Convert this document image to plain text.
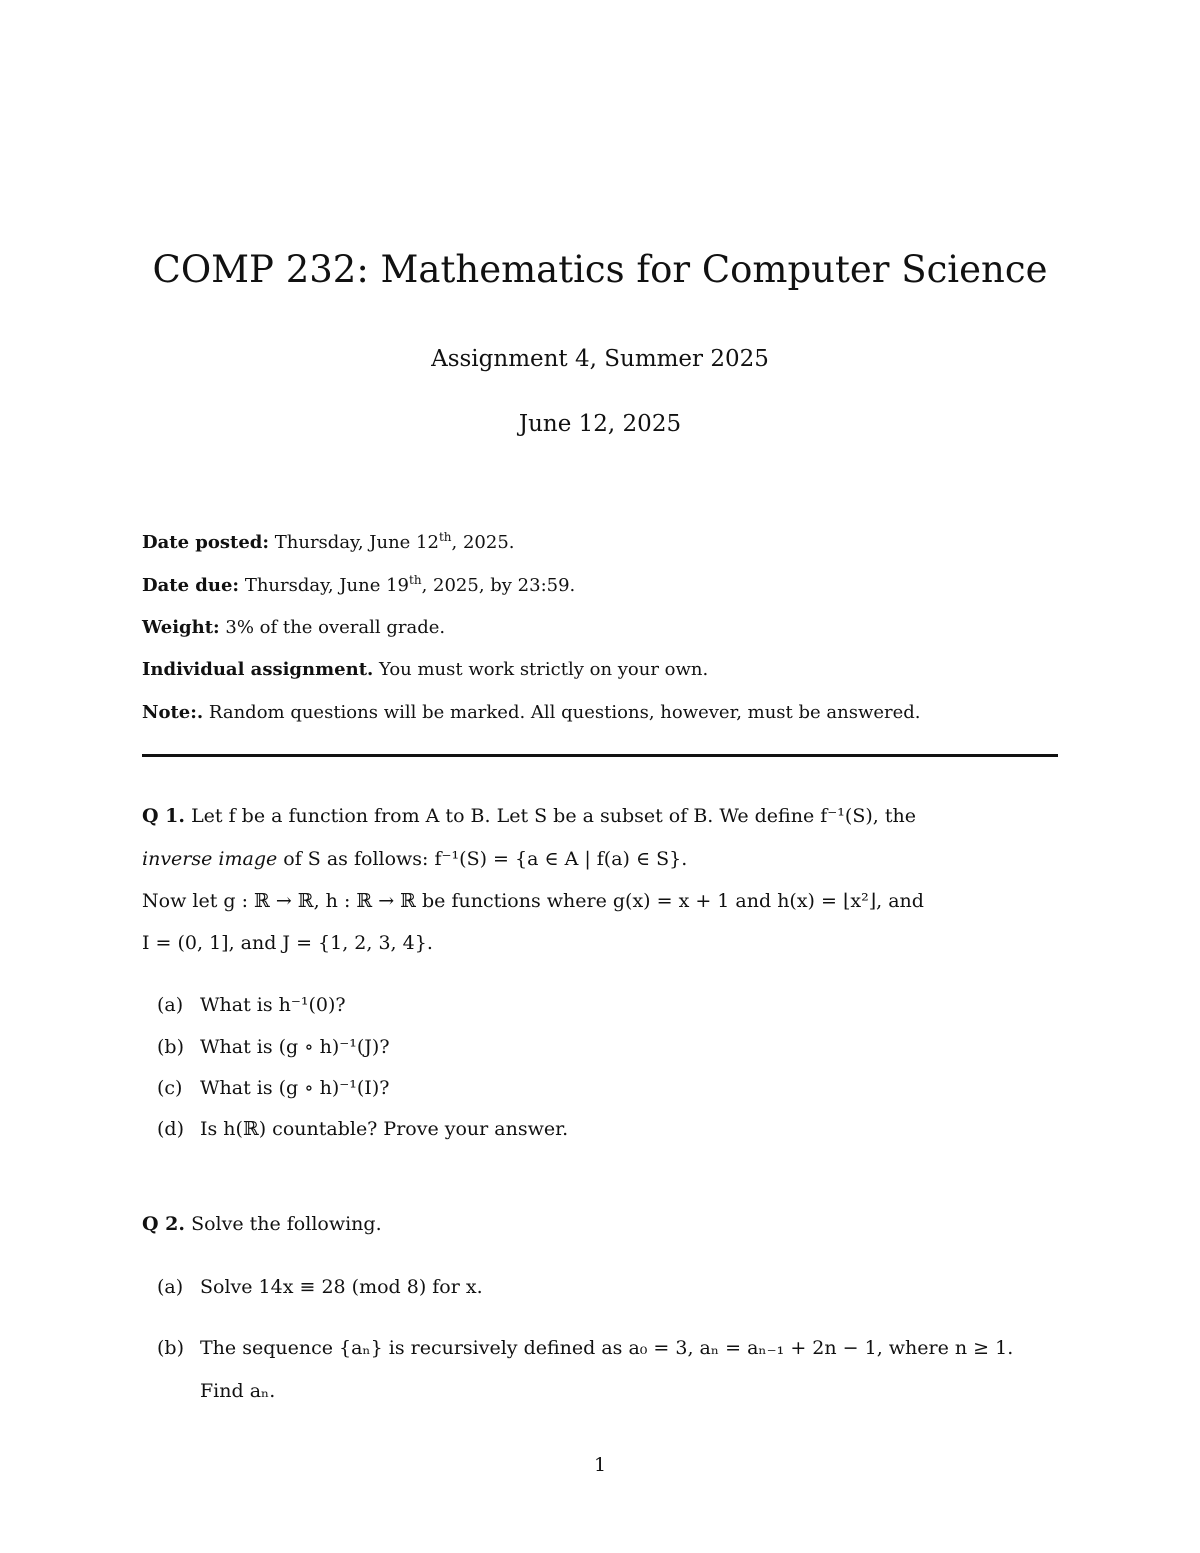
COMP 232: Mathematics for Computer Science
Assignment 4, Summer 2025
June 12, 2025
Date posted: Thursday, June 12th, 2025.
Date due: Thursday, June 19th, 2025, by 23:59.
Weight: 3% of the overall grade.
Individual assignment. You must work strictly on your own.
Note:. Random questions will be marked. All questions, however, must be answered.
Q 1. Let f be a function from A to B. Let S be a subset of B. We define f⁻¹(S), the
inverse image of S as follows: f⁻¹(S) = {a ∈ A | f(a) ∈ S}.
Now let g : ℝ → ℝ, h : ℝ → ℝ be functions where g(x) = x + 1 and h(x) = ⌊x²⌋, and
I = (0, 1], and J = {1, 2, 3, 4}.
(a) What is h⁻¹(0)?
(b) What is (g ∘ h)⁻¹(J)?
(c) What is (g ∘ h)⁻¹(I)?
(d) Is h(ℝ) countable? Prove your answer.
Q 2. Solve the following.
(a) Solve 14x ≡ 28 (mod 8) for x.
(b) The sequence {aₙ} is recursively defined as a₀ = 3, aₙ = aₙ₋₁ + 2n − 1, where n ≥ 1.
Find aₙ.
1
